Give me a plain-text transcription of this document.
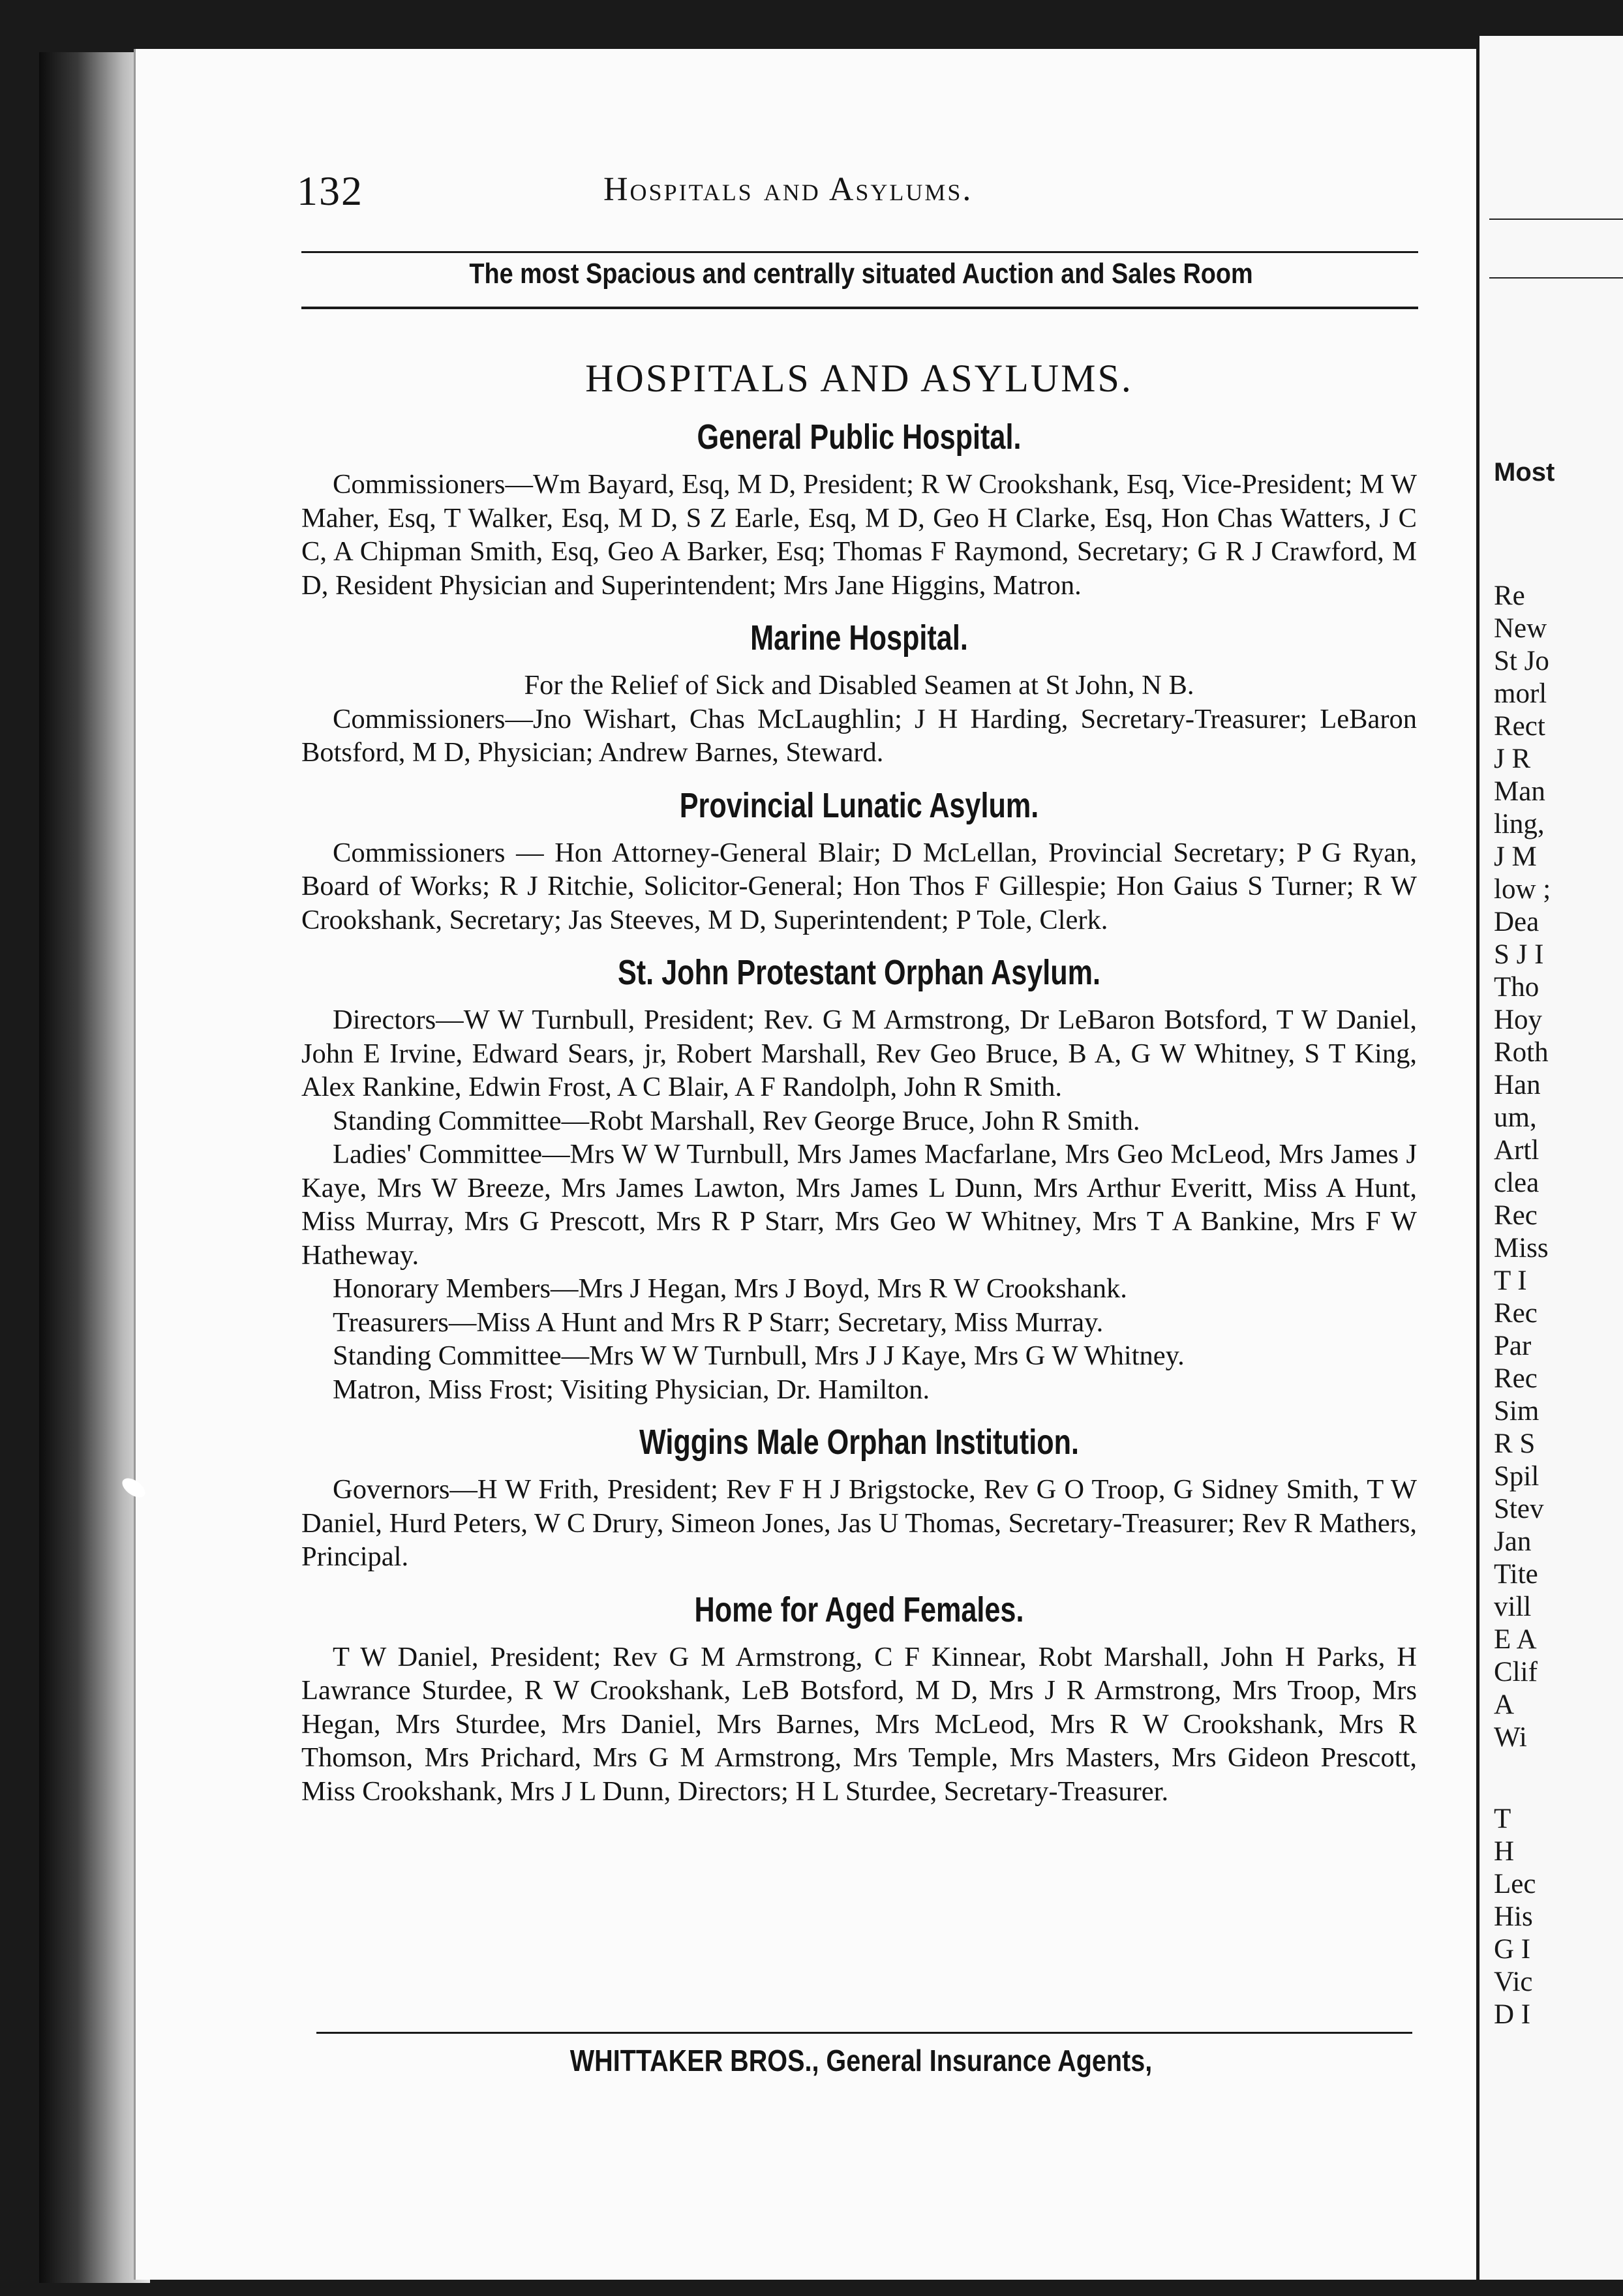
Most
Re
New
St Jo
morl
Rect
J R
Man
ling,
J M
low ;
Dea
S J I
Tho
Hoy
Roth
Han
um,
Artl
clea
Rec
Miss
T I
Rec
Par
Rec
Sim
R S
Spil
Stev
Jan
Tite
vill
E A
Clif
A
Wi
T
H
Lec
His
G I
Vic
D I
132	Hospitals and Asylums.
The most Spacious and centrally situated Auction and Sales Room
HOSPITALS AND ASYLUMS.
General Public Hospital.

Commissioners—Wm Bayard, Esq, M D, President; R W Crookshank, Esq, Vice-President; M W Maher, Esq, T Walker, Esq, M D, S Z Earle, Esq, M D, Geo H Clarke, Esq, Hon Chas Watters, J C C, A Chipman Smith, Esq, Geo A Barker, Esq; Thomas F Raymond, Secretary; G R J Crawford, M D, Resident Physician and Superintendent; Mrs Jane Higgins, Matron.

Marine Hospital.

For the Relief of Sick and Disabled Seamen at St John, N B.

Commissioners—Jno Wishart, Chas McLaughlin; J H Harding, Secretary-Treasurer; LeBaron Botsford, M D, Physician; Andrew Barnes, Steward.

Provincial Lunatic Asylum.

Commissioners — Hon Attorney-General Blair; D McLellan, Provincial Secretary; P G Ryan, Board of Works; R J Ritchie, Solicitor-General; Hon Thos F Gillespie; Hon Gaius S Turner; R W Crookshank, Secretary; Jas Steeves, M D, Superintendent; P Tole, Clerk.

St. John Protestant Orphan Asylum.

Directors—W W Turnbull, President; Rev. G M Armstrong, Dr LeBaron Botsford, T W Daniel, John E Irvine, Edward Sears, jr, Robert Marshall, Rev Geo Bruce, B A, G W Whitney, S T King, Alex Rankine, Edwin Frost, A C Blair, A F Randolph, John R Smith.

Standing Committee—Robt Marshall, Rev George Bruce, John R Smith.

Ladies' Committee—Mrs W W Turnbull, Mrs James Macfarlane, Mrs Geo McLeod, Mrs James J Kaye, Mrs W Breeze, Mrs James Lawton, Mrs James L Dunn, Mrs Arthur Everitt, Miss A Hunt, Miss Murray, Mrs G Prescott, Mrs R P Starr, Mrs Geo W Whitney, Mrs T A Bankine, Mrs F W Hatheway.

Honorary Members—Mrs J Hegan, Mrs J Boyd, Mrs R W Crookshank.

Treasurers—Miss A Hunt and Mrs R P Starr; Secretary, Miss Murray.

Standing Committee—Mrs W W Turnbull, Mrs J J Kaye, Mrs G W Whitney.

Matron, Miss Frost; Visiting Physician, Dr. Hamilton.

Wiggins Male Orphan Institution.

Governors—H W Frith, President; Rev F H J Brigstocke, Rev G O Troop, G Sidney Smith, T W Daniel, Hurd Peters, W C Drury, Simeon Jones, Jas U Thomas, Secretary-Treasurer; Rev R Mathers, Principal.

Home for Aged Females.

T W Daniel, President; Rev G M Armstrong, C F Kinnear, Robt Marshall, John H Parks, H Lawrance Sturdee, R W Crookshank, LeB Botsford, M D, Mrs J R Armstrong, Mrs Troop, Mrs Hegan, Mrs Sturdee, Mrs Daniel, Mrs Barnes, Mrs McLeod, Mrs R W Crookshank, Mrs R Thomson, Mrs Prichard, Mrs G M Armstrong, Mrs Temple, Mrs Masters, Mrs Gideon Prescott, Miss Crookshank, Mrs J L Dunn, Directors; H L Sturdee, Secretary-Treasurer.

WHITTAKER BROS., General Insurance Agents,
